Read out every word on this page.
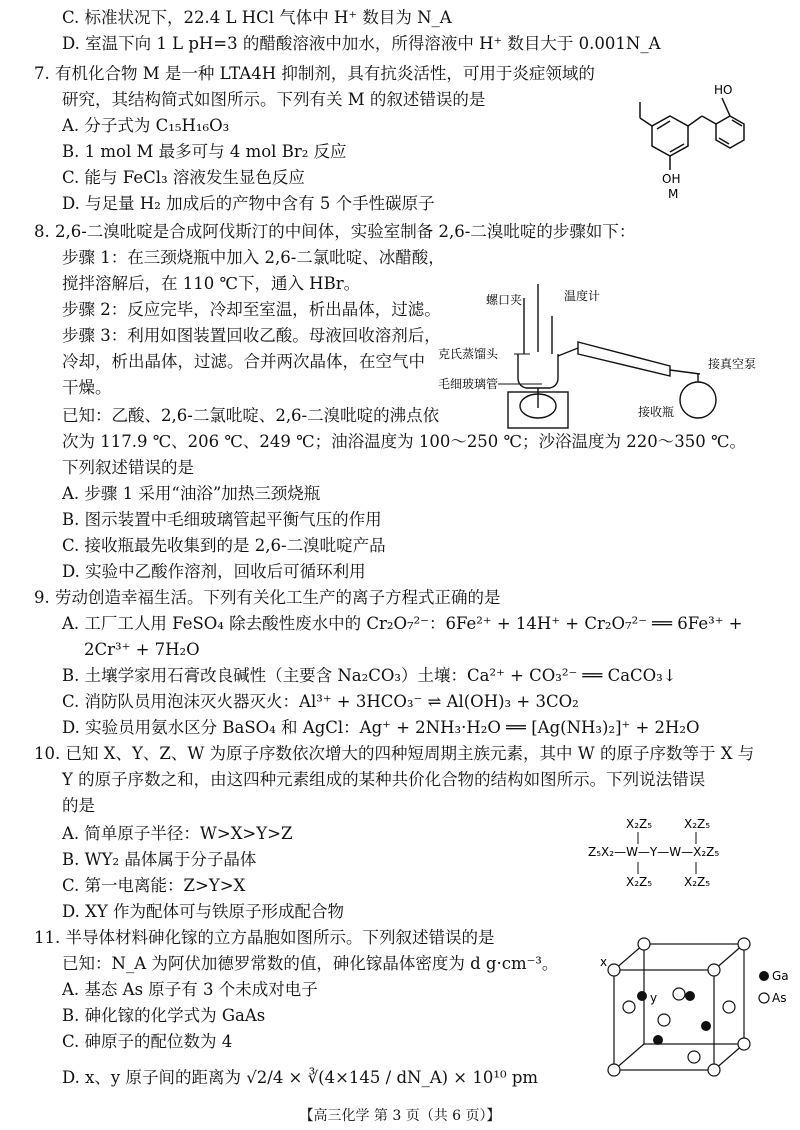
C. 标准状况下，22.4 L HCl 气体中 H⁺ 数目为 N_A
D. 室温下向 1 L pH=3 的醋酸溶液中加水，所得溶液中 H⁺ 数目大于 0.001N_A
7. 有机化合物 M 是一种 LTA4H 抑制剂，具有抗炎活性，可用于炎症领域的
研究，其结构简式如图所示。下列有关 M 的叙述错误的是
A. 分子式为 C₁₅H₁₆O₃
B. 1 mol M 最多可与 4 mol Br₂ 反应
C. 能与 FeCl₃ 溶液发生显色反应
D. 与足量 H₂ 加成后的产物中含有 5 个手性碳原子
HO
OH
M
8. 2,6-二溴吡啶是合成阿伐斯汀的中间体，实验室制备 2,6-二溴吡啶的步骤如下：
步骤 1：在三颈烧瓶中加入 2,6-二氯吡啶、冰醋酸，
搅拌溶解后，在 110 ℃下，通入 HBr。
步骤 2：反应完毕，冷却至室温，析出晶体，过滤。
步骤 3：利用如图装置回收乙酸。母液回收溶剂后，
冷却，析出晶体，过滤。合并两次晶体，在空气中
干燥。
已知：乙酸、2,6-二氯吡啶、2,6-二溴吡啶的沸点依
次为 117.9 ℃、206 ℃、249 ℃；油浴温度为 100～250 ℃；沙浴温度为 220～350 ℃。
下列叙述错误的是
A. 步骤 1 采用“油浴”加热三颈烧瓶
B. 图示装置中毛细玻璃管起平衡气压的作用
C. 接收瓶最先收集到的是 2,6-二溴吡啶产品
D. 实验中乙酸作溶剂，回收后可循环利用
螺口夹	温度计
克氏蒸馏头
毛细玻璃管
接真空泵
接收瓶
9. 劳动创造幸福生活。下列有关化工生产的离子方程式正确的是
A. 工厂工人用 FeSO₄ 除去酸性废水中的 Cr₂O₇²⁻：6Fe²⁺ + 14H⁺ + Cr₂O₇²⁻ ══ 6Fe³⁺ +
2Cr³⁺ + 7H₂O
B. 土壤学家用石膏改良碱性（主要含 Na₂CO₃）土壤：Ca²⁺ + CO₃²⁻ ══ CaCO₃↓
C. 消防队员用泡沫灭火器灭火：Al³⁺ + 3HCO₃⁻ ⇌ Al(OH)₃ + 3CO₂
D. 实验员用氨水区分 BaSO₄ 和 AgCl：Ag⁺ + 2NH₃·H₂O ══ [Ag(NH₃)₂]⁺ + 2H₂O
10. 已知 X、Y、Z、W 为原子序数依次增大的四种短周期主族元素，其中 W 的原子序数等于 X 与
Y 的原子序数之和，由这四种元素组成的某种共价化合物的结构如图所示。下列说法错误
的是
A. 简单原子半径：W>X>Y>Z
B. WY₂ 晶体属于分子晶体
C. 第一电离能：Z>Y>X
D. XY 作为配体可与铁原子形成配合物
X₂Z₅	X₂Z₅
Z₅X₂—W—Y—W—X₂Z₅
X₂Z₅	X₂Z₅
11. 半导体材料砷化镓的立方晶胞如图所示。下列叙述错误的是
已知：N_A 为阿伏加德罗常数的值，砷化镓晶体密度为 d g·cm⁻³。
A. 基态 As 原子有 3 个未成对电子
B. 砷化镓的化学式为 GaAs
C. 砷原子的配位数为 4
D. x、y 原子间的距离为 √2/4 × ∛(4×145 / dN_A) × 10¹⁰ pm
x
y
Ga
As
【高三化学 第 3 页（共 6 页）】
